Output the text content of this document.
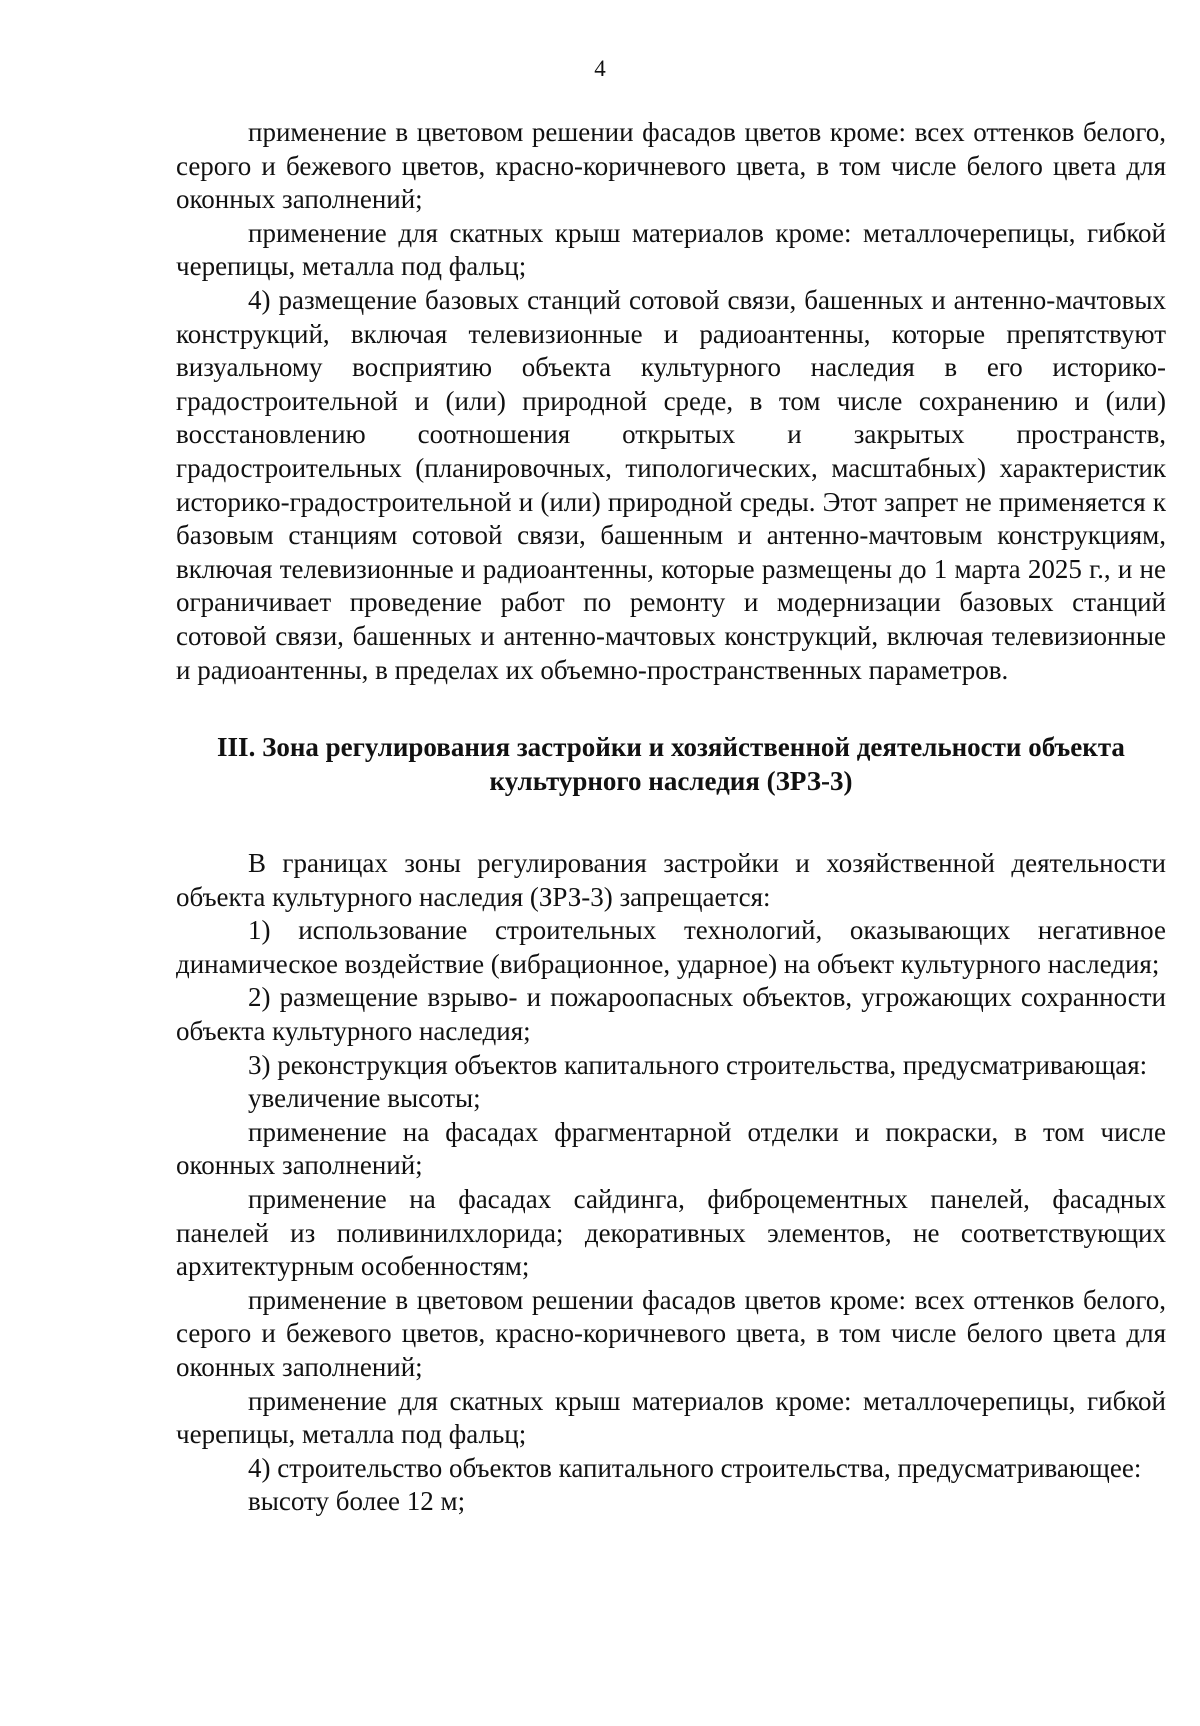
4

применение в цветовом решении фасадов цветов кроме: всех оттенков белого, серого и бежевого цветов, красно-коричневого цвета, в том числе белого цвета для оконных заполнений;

применение для скатных крыш материалов кроме: металлочерепицы, гибкой черепицы, металла под фальц;

4) размещение базовых станций сотовой связи, башенных и антенно-мачтовых конструкций, включая телевизионные и радиоантенны, которые препятствуют визуальному восприятию объекта культурного наследия в его историко-градостроительной и (или) природной среде, в том числе сохранению и (или) восстановлению соотношения открытых и закрытых пространств, градостроительных (планировочных, типологических, масштабных) характеристик историко-градостроительной и (или) природной среды. Этот запрет не применяется к базовым станциям сотовой связи, башенным и антенно-мачтовым конструкциям, включая телевизионные и радиоантенны, которые размещены до 1 марта 2025 г., и не ограничивает проведение работ по ремонту и модернизации базовых станций сотовой связи, башенных и антенно-мачтовых конструкций, включая телевизионные и радиоантенны, в пределах их объемно-пространственных параметров.

III. Зона регулирования застройки и хозяйственной деятельности объекта
культурного наследия (ЗРЗ-3)

В границах зоны регулирования застройки и хозяйственной деятельности объекта культурного наследия (ЗРЗ-3) запрещается:

1) использование строительных технологий, оказывающих негативное динамическое воздействие (вибрационное, ударное) на объект культурного наследия;

2) размещение взрыво- и пожароопасных объектов, угрожающих сохранности объекта культурного наследия;

3) реконструкция объектов капитального строительства, предусматривающая:

увеличение высоты;

применение на фасадах фрагментарной отделки и покраски, в том числе оконных заполнений;

применение на фасадах сайдинга, фиброцементных панелей, фасадных панелей из поливинилхлорида; декоративных элементов, не соответствующих архитектурным особенностям;

применение в цветовом решении фасадов цветов кроме: всех оттенков белого, серого и бежевого цветов, красно-коричневого цвета, в том числе белого цвета для оконных заполнений;

применение для скатных крыш материалов кроме: металлочерепицы, гибкой черепицы, металла под фальц;

4) строительство объектов капитального строительства, предусматривающее:

высоту более 12 м;
